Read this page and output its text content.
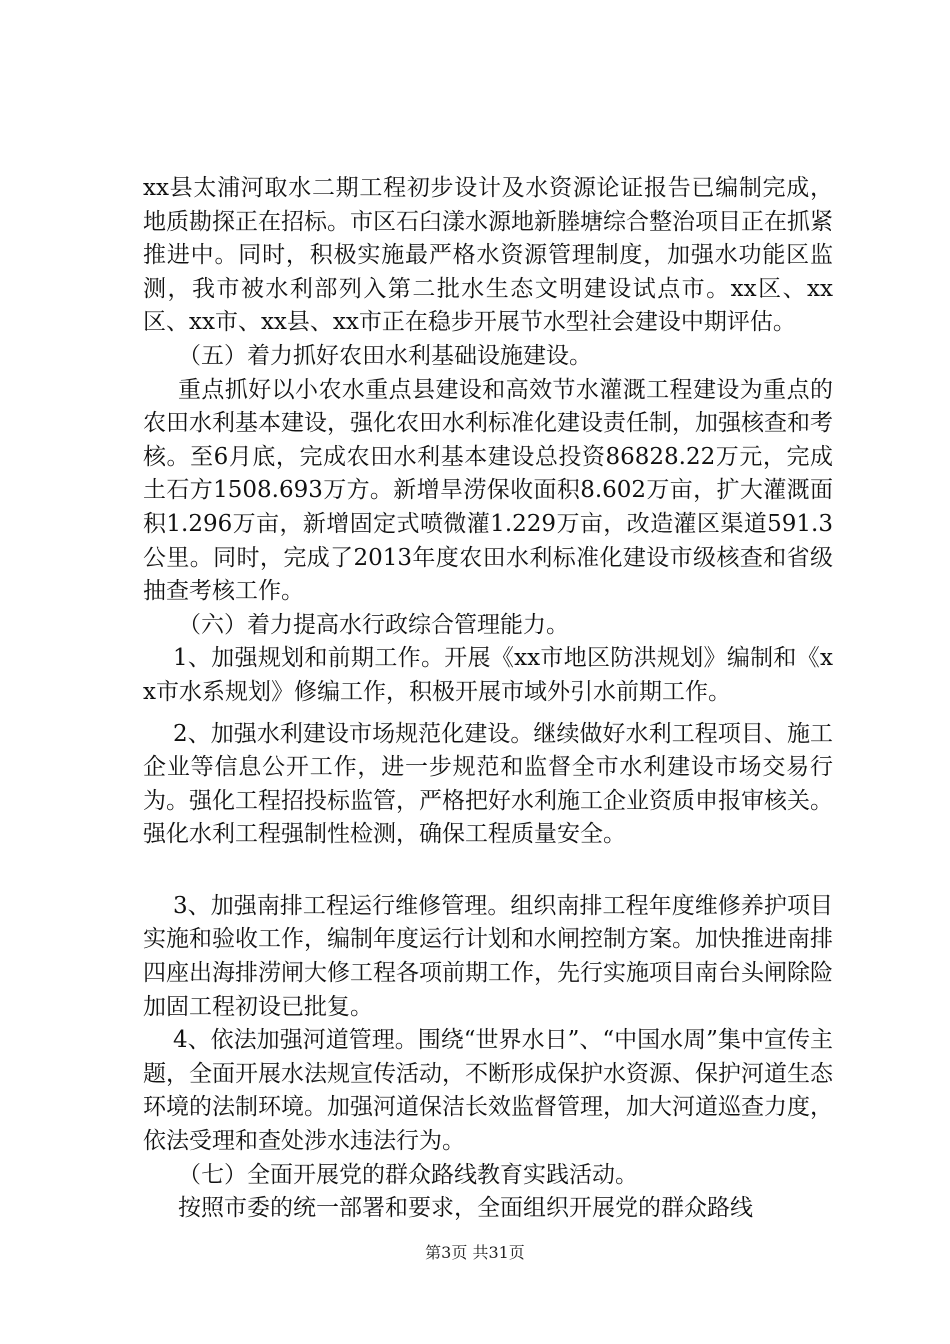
xx县太浦河取水二期工程初步设计及水资源论证报告已编制完成，地质勘探正在招标。市区石臼漾水源地新塍塘综合整治项目正在抓紧推进中。同时，积极实施最严格水资源管理制度，加强水功能区监测，我市被水利部列入第二批水生态文明建设试点市。xx区、xx区、xx市、xx县、xx市正在稳步开展节水型社会建设中期评估。

（五）着力抓好农田水利基础设施建设。

重点抓好以小农水重点县建设和高效节水灌溉工程建设为重点的农田水利基本建设，强化农田水利标准化建设责任制，加强核查和考核。至6月底，完成农田水利基本建设总投资86828.22万元，完成土石方1508.693万方。新增旱涝保收面积8.602万亩，扩大灌溉面积1.296万亩，新增固定式喷微灌1.229万亩，改造灌区渠道591.3公里。同时，完成了2013年度农田水利标准化建设市级核查和省级抽查考核工作。

（六）着力提高水行政综合管理能力。

1、加强规划和前期工作。开展《xx市地区防洪规划》编制和《xx市水系规划》修编工作，积极开展市域外引水前期工作。

2、加强水利建设市场规范化建设。继续做好水利工程项目、施工企业等信息公开工作，进一步规范和监督全市水利建设市场交易行为。强化工程招投标监管，严格把好水利施工企业资质申报审核关。强化水利工程强制性检测，确保工程质量安全。

3、加强南排工程运行维修管理。组织南排工程年度维修养护项目实施和验收工作，编制年度运行计划和水闸控制方案。加快推进南排四座出海排涝闸大修工程各项前期工作，先行实施项目南台头闸除险加固工程初设已批复。

4、依法加强河道管理。围绕“世界水日”、“中国水周”集中宣传主题，全面开展水法规宣传活动，不断形成保护水资源、保护河道生态环境的法制环境。加强河道保洁长效监督管理，加大河道巡查力度，依法受理和查处涉水违法行为。

（七）全面开展党的群众路线教育实践活动。

按照市委的统一部署和要求，全面组织开展党的群众路线

第3页 共31页
